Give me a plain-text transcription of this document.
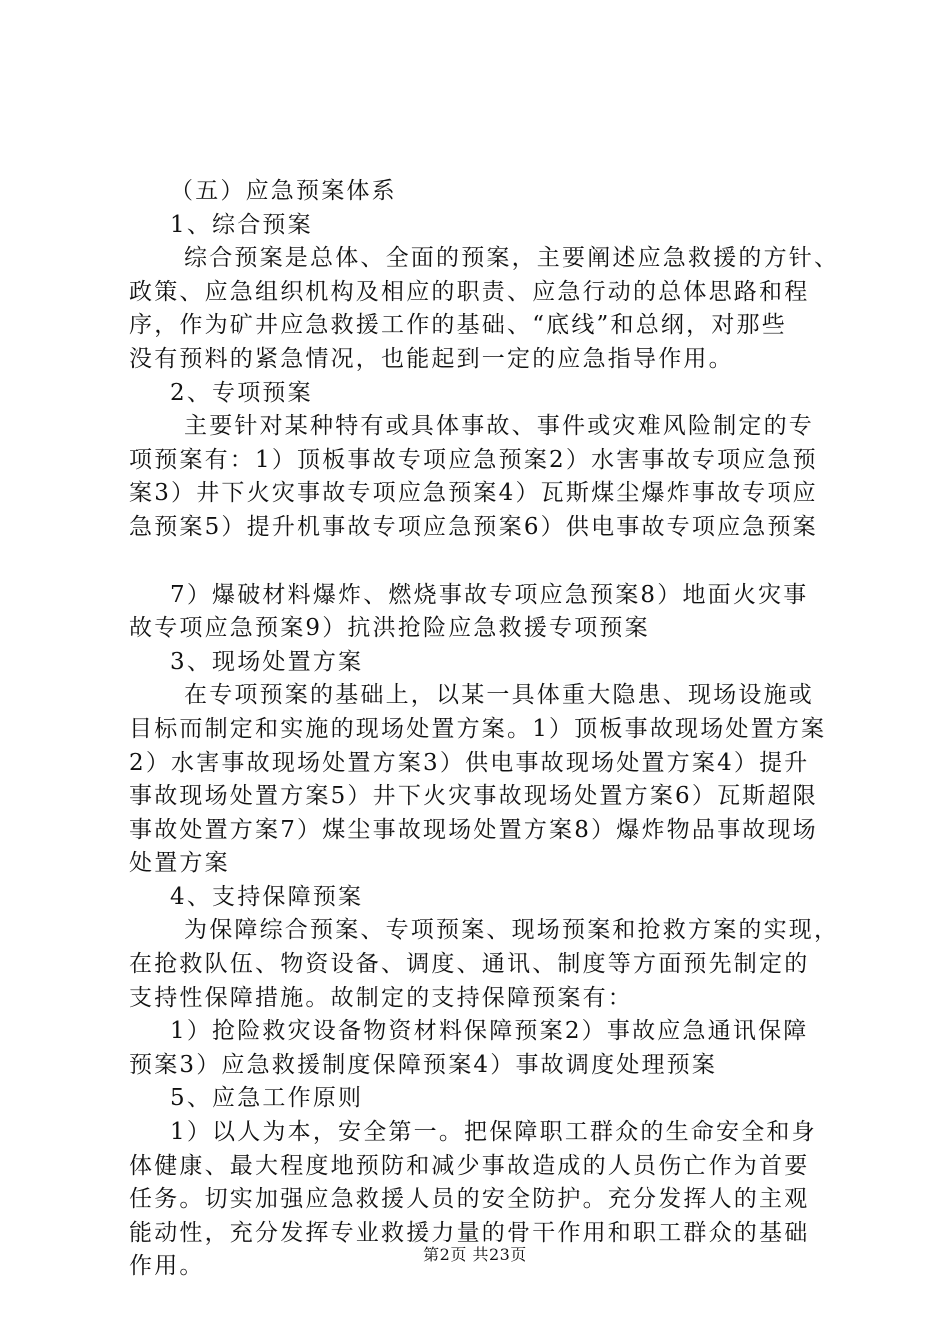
（五）应急预案体系
1、综合预案
综合预案是总体、全面的预案，主要阐述应急救援的方针、
政策、应急组织机构及相应的职责、应急行动的总体思路和程
序，作为矿井应急救援工作的基础、“底线”和总纲，对那些
没有预料的紧急情况，也能起到一定的应急指导作用。
2、专项预案
主要针对某种特有或具体事故、事件或灾难风险制定的专
项预案有：1）顶板事故专项应急预案2）水害事故专项应急预
案3）井下火灾事故专项应急预案4）瓦斯煤尘爆炸事故专项应
急预案5）提升机事故专项应急预案6）供电事故专项应急预案
7）爆破材料爆炸、燃烧事故专项应急预案8）地面火灾事
故专项应急预案9）抗洪抢险应急救援专项预案
3、现场处置方案
在专项预案的基础上，以某一具体重大隐患、现场设施或
目标而制定和实施的现场处置方案。1）顶板事故现场处置方案
2）水害事故现场处置方案3）供电事故现场处置方案4）提升
事故现场处置方案5）井下火灾事故现场处置方案6）瓦斯超限
事故处置方案7）煤尘事故现场处置方案8）爆炸物品事故现场
处置方案
4、支持保障预案
为保障综合预案、专项预案、现场预案和抢救方案的实现，
在抢救队伍、物资设备、调度、通讯、制度等方面预先制定的
支持性保障措施。故制定的支持保障预案有：
1）抢险救灾设备物资材料保障预案2）事故应急通讯保障
预案3）应急救援制度保障预案4）事故调度处理预案
5、应急工作原则
1）以人为本，安全第一。把保障职工群众的生命安全和身
体健康、最大程度地预防和减少事故造成的人员伤亡作为首要
任务。切实加强应急救援人员的安全防护。充分发挥人的主观
能动性，充分发挥专业救援力量的骨干作用和职工群众的基础
作用。	第2页 共23页
